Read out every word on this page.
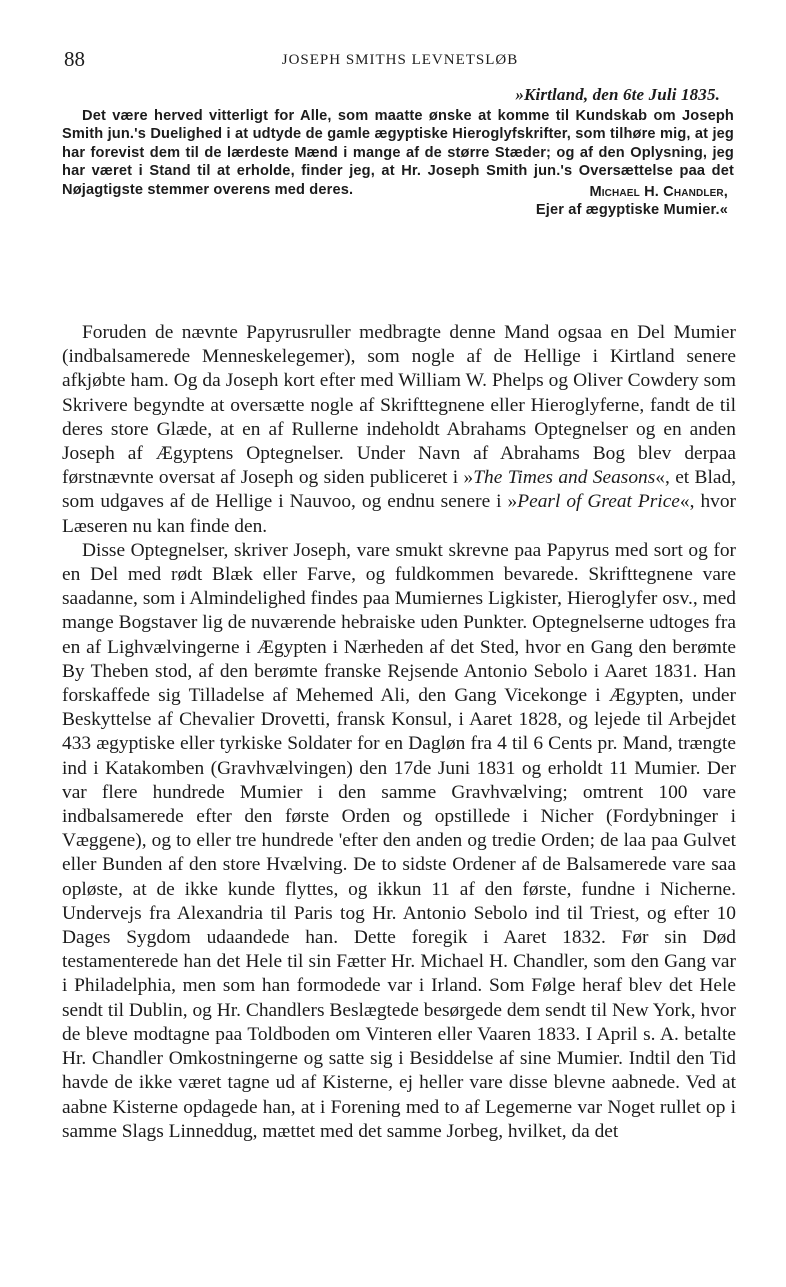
88	JOSEPH SMITHS LEVNETSLØB
»Kirtland, den 6te Juli 1835.
Det være herved vitterligt for Alle, som maatte ønske at komme til Kundskab om Joseph Smith jun.'s Duelighed i at udtyde de gamle ægyptiske Hieroglyfskrifter, som tilhøre mig, at jeg har forevist dem til de lærdeste Mænd i mange af de større Stæder; og af den Oplysning, jeg har været i Stand til at erholde, finder jeg, at Hr. Joseph Smith jun.'s Oversættelse paa det Nøjagtigste stemmer overens med deres.	Michael H. Chandler,
Ejer af ægyptiske Mumier.«

Foruden de nævnte Papyrusruller medbragte denne Mand ogsaa en Del Mumier (indbalsamerede Menneskelegemer), som nogle af de Hellige i Kirtland senere afkjøbte ham. Og da Joseph kort efter med William W. Phelps og Oliver Cowdery som Skrivere begyndte at oversætte nogle af Skrifttegnene eller Hieroglyferne, fandt de til deres store Glæde, at en af Rullerne indeholdt Abrahams Optegnelser og en anden Joseph af Ægyptens Optegnelser. Under Navn af Abrahams Bog blev derpaa førstnævnte oversat af Joseph og siden publiceret i »The Times and Seasons«, et Blad, som udgaves af de Hellige i Nauvoo, og endnu senere i »Pearl of Great Price«, hvor Læseren nu kan finde den.

Disse Optegnelser, skriver Joseph, vare smukt skrevne paa Papyrus med sort og for en Del med rødt Blæk eller Farve, og fuldkommen bevarede. Skrifttegnene vare saadanne, som i Almindelighed findes paa Mumiernes Ligkister, Hieroglyfer osv., med mange Bogstaver lig de nuværende hebraiske uden Punkter. Optegnelserne udtoges fra en af Lighvælvingerne i Ægypten i Nærheden af det Sted, hvor en Gang den berømte By Theben stod, af den berømte franske Rejsende Antonio Sebolo i Aaret 1831. Han forskaffede sig Tilladelse af Mehemed Ali, den Gang Vicekonge i Ægypten, under Beskyttelse af Chevalier Drovetti, fransk Konsul, i Aaret 1828, og lejede til Arbejdet 433 ægyptiske eller tyrkiske Soldater for en Dagløn fra 4 til 6 Cents pr. Mand, trængte ind i Katakomben (Gravhvælvingen) den 17de Juni 1831 og erholdt 11 Mumier. Der var flere hundrede Mumier i den samme Gravhvælving; omtrent 100 vare indbalsamerede efter den første Orden og opstillede i Nicher (Fordybninger i Væggene), og to eller tre hundrede 'efter den anden og tredie Orden; de laa paa Gulvet eller Bunden af den store Hvælving. De to sidste Ordener af de Balsamerede vare saa opløste, at de ikke kunde flyttes, og ikkun 11 af den første, fundne i Nicherne. Undervejs fra Alexandria til Paris tog Hr. Antonio Sebolo ind til Triest, og efter 10 Dages Sygdom udaandede han. Dette foregik i Aaret 1832. Før sin Død testamenterede han det Hele til sin Fætter Hr. Michael H. Chandler, som den Gang var i Philadelphia, men som han formodede var i Irland. Som Følge heraf blev det Hele sendt til Dublin, og Hr. Chandlers Beslægtede besørgede dem sendt til New York, hvor de bleve modtagne paa Toldboden om Vinteren eller Vaaren 1833. I April s. A. betalte Hr. Chandler Omkostningerne og satte sig i Besiddelse af sine Mumier. Indtil den Tid havde de ikke været tagne ud af Kisterne, ej heller vare disse blevne aabnede. Ved at aabne Kisterne opdagede han, at i Forening med to af Legemerne var Noget rullet op i samme Slags Linneddug, mættet med det samme Jorbeg, hvilket, da det
